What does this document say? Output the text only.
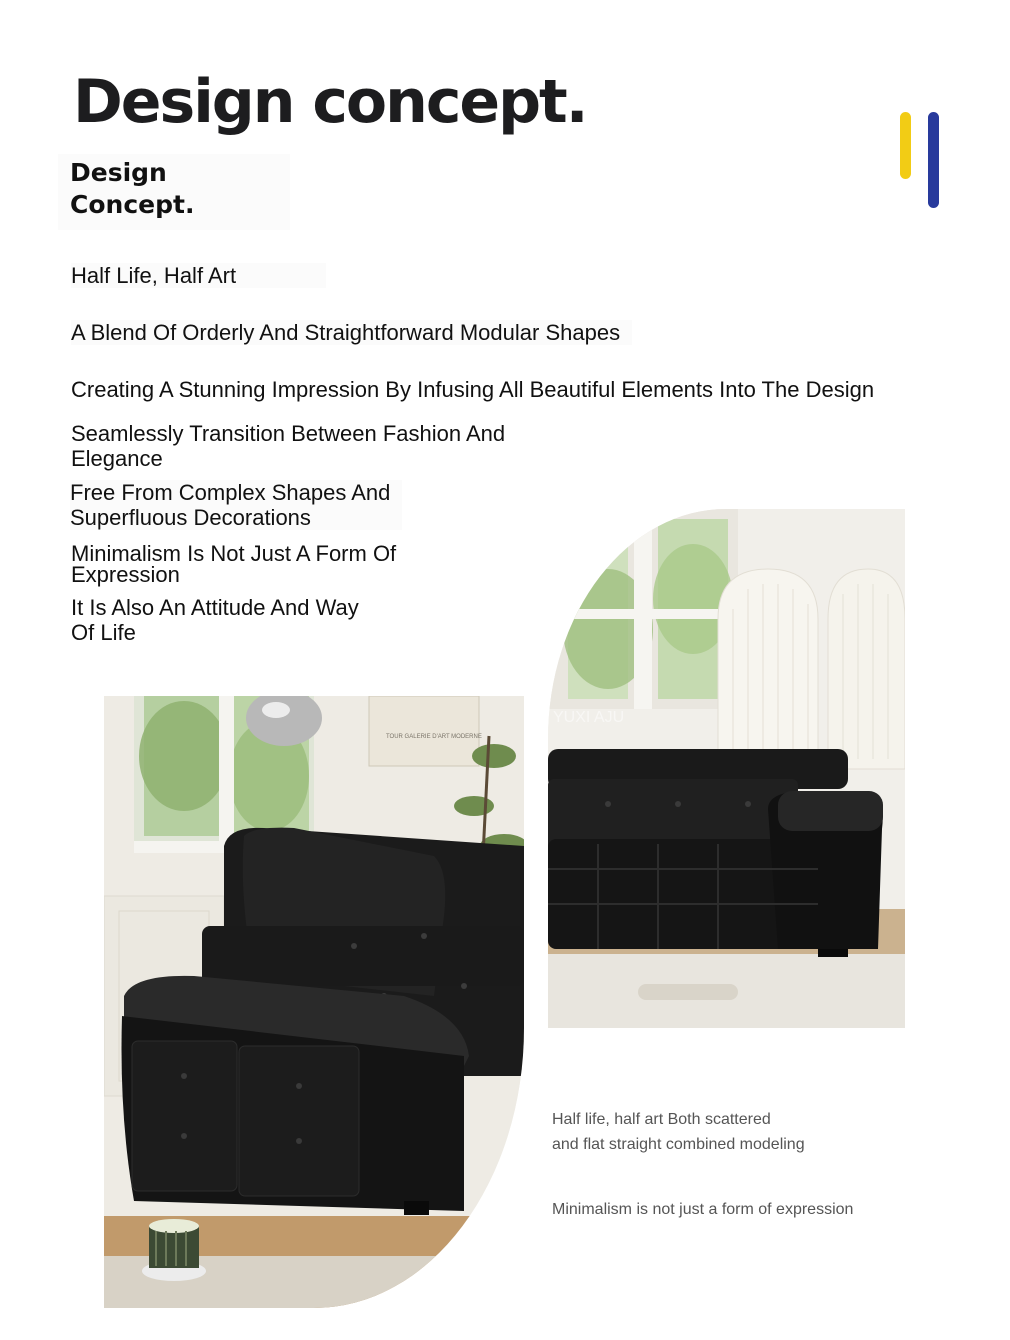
Design concept.
Design
Concept.

Half Life, Half Art

A Blend Of Orderly And Straightforward Modular Shapes

Creating A Stunning Impression By Infusing All Beautiful Elements Into The Design

Seamlessly Transition Between Fashion And
Elegance
Free From Complex Shapes And
Superfluous Decorations
Minimalism Is Not Just A Form Of
Expression
It Is Also An Attitude And Way
Of Life
YUXI AJU
TOUR GALERIE D'ART MODERNE
Half life, half art Both scattered
and flat straight combined modeling

Minimalism is not just a form of expression
